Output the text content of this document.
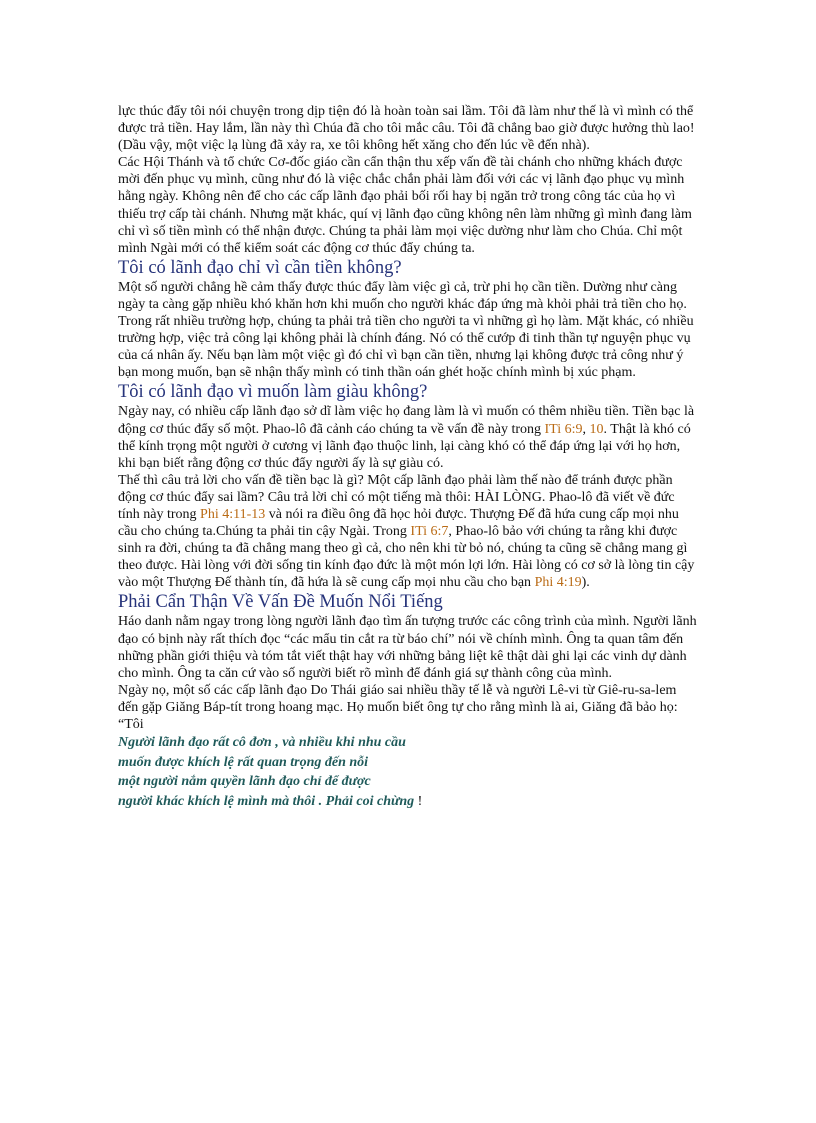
lực thúc đẩy tôi nói chuyện trong dịp tiện đó là hoàn toàn sai lầm. Tôi đã làm như thế là vì mình có thể được trả tiền. Hay lắm, lần này thì Chúa đã cho tôi mắc câu. Tôi đã chẳng bao giờ được hưởng thù lao! (Dầu vậy, một việc lạ lùng đã xảy ra, xe tôi không hết xăng cho đến lúc về đến nhà).

Các Hội Thánh và tổ chức Cơ-đốc giáo cần cẩn thận thu xếp vấn đề tài chánh cho những khách được mời đến phục vụ mình, cũng như đó là việc chắc chắn phải làm đối với các vị lãnh đạo phục vụ mình hằng ngày. Không nên để cho các cấp lãnh đạo phải bối rối hay bị ngăn trở trong công tác của họ vì thiếu trợ cấp tài chánh. Nhưng mặt khác, quí vị lãnh đạo cũng không nên làm những gì mình đang làm chỉ vì số tiền mình có thể nhận được. Chúng ta phải làm mọi việc dường như làm cho Chúa. Chỉ một mình Ngài mới có thể kiểm soát các động cơ thúc đẩy chúng ta.

Tôi có lãnh đạo chỉ vì cần tiền không?

Một số người chẳng hề cảm thấy được thúc đẩy làm việc gì cả, trừ phi họ cần tiền. Dường như càng ngày ta càng gặp nhiều khó khăn hơn khi muốn cho người khác đáp ứng mà khỏi phải trả tiền cho họ. Trong rất nhiều trường hợp, chúng ta phải trả tiền cho người ta vì những gì họ làm. Mặt khác, có nhiều trường hợp, việc trả công lại không phải là chính đáng. Nó có thể cướp đi tinh thần tự nguyện phục vụ của cá nhân ấy. Nếu bạn làm một việc gì đó chỉ vì bạn cần tiền, nhưng lại không được trả công như ý bạn mong muốn, bạn sẽ nhận thấy mình có tinh thần oán ghét hoặc chính mình bị xúc phạm.

Tôi có lãnh đạo vì muốn làm giàu không?

Ngày nay, có nhiều cấp lãnh đạo sở dĩ làm việc họ đang làm là vì muốn có thêm nhiều tiền. Tiền bạc là động cơ thúc đẩy số một. Phao-lô đã cảnh cáo chúng ta về vấn đề này trong ITi 6:9, 10. Thật là khó có thể kính trọng một người ở cương vị lãnh đạo thuộc linh, lại càng khó có thể đáp ứng lại với họ hơn, khi bạn biết rằng động cơ thúc đẩy người ấy là sự giàu có.

Thế thì câu trả lời cho vấn đề tiền bạc là gì? Một cấp lãnh đạo phải làm thế nào để tránh được phần động cơ thúc đẩy sai lầm? Câu trả lời chỉ có một tiếng mà thôi: HÀI LÒNG. Phao-lô đã viết về đức tính này trong Phi 4:11-13 và nói ra điều ông đã học hỏi được. Thượng Đế đã hứa cung cấp mọi nhu cầu cho chúng ta.Chúng ta phải tin cậy Ngài. Trong ITi 6:7, Phao-lô bảo với chúng ta rằng khi được sinh ra đời, chúng ta đã chẳng mang theo gì cả, cho nên khi từ bỏ nó, chúng ta cũng sẽ chẳng mang gì theo được. Hài lòng với đời sống tin kính đạo đức là một món lợi lớn. Hài lòng có cơ sở là lòng tin cậy vào một Thượng Đế thành tín, đã hứa là sẽ cung cấp mọi nhu cầu cho bạn Phi 4:19).

Phải Cẩn Thận Về Vấn Đề Muốn Nổi Tiếng

Háo danh nằm ngay trong lòng người lãnh đạo tìm ấn tượng trước các công trình của mình. Người lãnh đạo có bịnh này rất thích đọc “các mẩu tin cắt ra từ báo chí” nói về chính mình. Ông ta quan tâm đến những phần giới thiệu và tóm tắt viết thật hay với những bảng liệt kê thật dài ghi lại các vinh dự dành cho mình. Ông ta căn cứ vào số người biết rõ mình để đánh giá sự thành công của mình.

Ngày nọ, một số các cấp lãnh đạo Do Thái giáo sai nhiều thầy tế lễ và người Lê-vi từ Giê-ru-sa-lem đến gặp Giăng Báp-tít trong hoang mạc. Họ muốn biết ông tự cho rằng mình là ai, Giăng đã bảo họ: “Tôi

Người lãnh đạo rất cô đơn , và nhiều khi nhu cầu

muốn được khích lệ rất quan trọng đến nỗi

một người nắm quyền lãnh đạo chỉ để được

người khác khích lệ mình mà thôi . Phải coi chừng !
